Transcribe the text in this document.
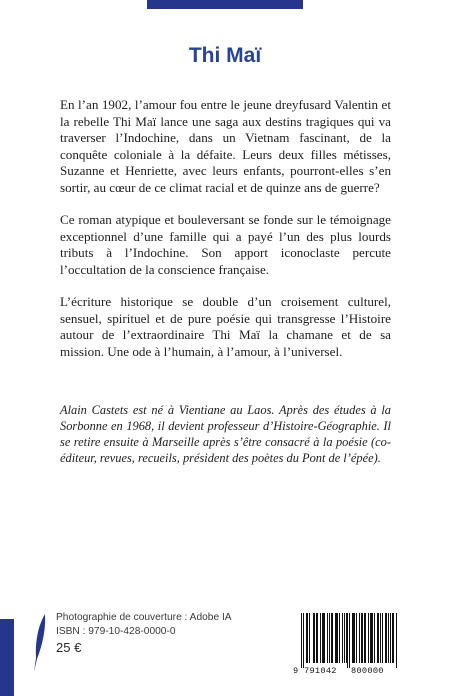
Thi Maï

En l’an 1902, l’amour fou entre le jeune dreyfusard Valentin et la rebelle Thi Maï lance une saga aux destins tragiques qui va traverser l’Indochine, dans un Vietnam fascinant, de la conquête coloniale à la défaite. Leurs deux filles métisses, Suzanne et Henriette, avec leurs enfants, pourront-elles s’en sortir, au cœur de ce climat racial et de quinze ans de guerre?

Ce roman atypique et bouleversant se fonde sur le témoignage exceptionnel d’une famille qui a payé l’un des plus lourds tributs à l’Indochine. Son apport iconoclaste percute l’occultation de la conscience française.

L’écriture historique se double d’un croisement culturel, sensuel, spirituel et de pure poésie qui transgresse l’Histoire autour de l’extraordinaire Thi Maï la chamane et de sa mission. Une ode à l’humain, à l’amour, à l’universel.

Alain Castets est né à Vientiane au Laos. Après des études à la Sorbonne en 1968, il devient professeur d’Histoire-Géographie. Il se retire ensuite à Marseille après s’être consacré à la poésie (co-éditeur, revues, recueils, président des poètes du Pont de l’épée).

Photographie de couverture : Adobe IA
ISBN : 979-10-428-0000-0
25 €
9 791042 800000
